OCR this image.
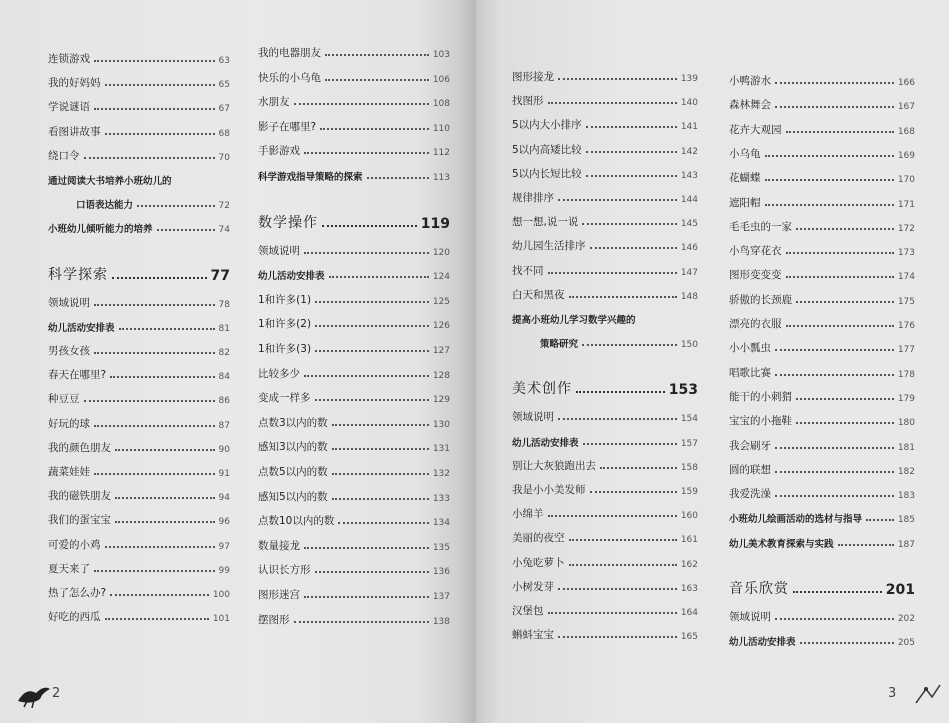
连锁游戏	63
我的好妈妈	65
学说谜语	67
看图讲故事	68
绕口令	70
通过阅读大书培养小班幼儿的
口语表达能力	72
小班幼儿倾听能力的培养	74
科学探索	77
领域说明	78
幼儿活动安排表	81
男孩女孩	82
春天在哪里?	84
种豆豆	86
好玩的球	87
我的颜色朋友	90
蔬菜娃娃	91
我的磁铁朋友	94
我们的蛋宝宝	96
可爱的小鸡	97
夏天来了	99
热了怎么办?	100
好吃的西瓜	101
我的电器朋友	103
快乐的小乌龟	106
水朋友	108
影子在哪里?	110
手影游戏	112
科学游戏指导策略的探索	113
数学操作	119
领域说明	120
幼儿活动安排表	124
1和许多(1)	125
1和许多(2)	126
1和许多(3)	127
比较多少	128
变成一样多	129
点数3以内的数	130
感知3以内的数	131
点数5以内的数	132
感知5以内的数	133
点数10以内的数	134
数量接龙	135
认识长方形	136
图形迷宫	137
摆图形	138
2
图形接龙	139
找图形	140
5以内大小排序	141
5以内高矮比较	142
5以内长短比较	143
规律排序	144
想一想,说一说	145
幼儿园生活排序	146
找不同	147
白天和黑夜	148
提高小班幼儿学习数学兴趣的
策略研究	150
美术创作	153
领域说明	154
幼儿活动安排表	157
别让大灰狼跑出去	158
我是小小美发师	159
小绵羊	160
美丽的夜空	161
小兔吃萝卜	162
小树发芽	163
汉堡包	164
蝌蚪宝宝	165
小鸭游水	166
森林舞会	167
花卉大观园	168
小乌龟	169
花蝴蝶	170
遮阳帽	171
毛毛虫的一家	172
小鸟穿花衣	173
图形变变变	174
骄傲的长颈鹿	175
漂亮的衣服	176
小小瓢虫	177
唱歌比赛	178
能干的小刺猬	179
宝宝的小拖鞋	180
我会刷牙	181
圆的联想	182
我爱洗澡	183
小班幼儿绘画活动的选材与指导	185
幼儿美术教育探索与实践	187
音乐欣赏	201
领域说明	202
幼儿活动安排表	205
3
